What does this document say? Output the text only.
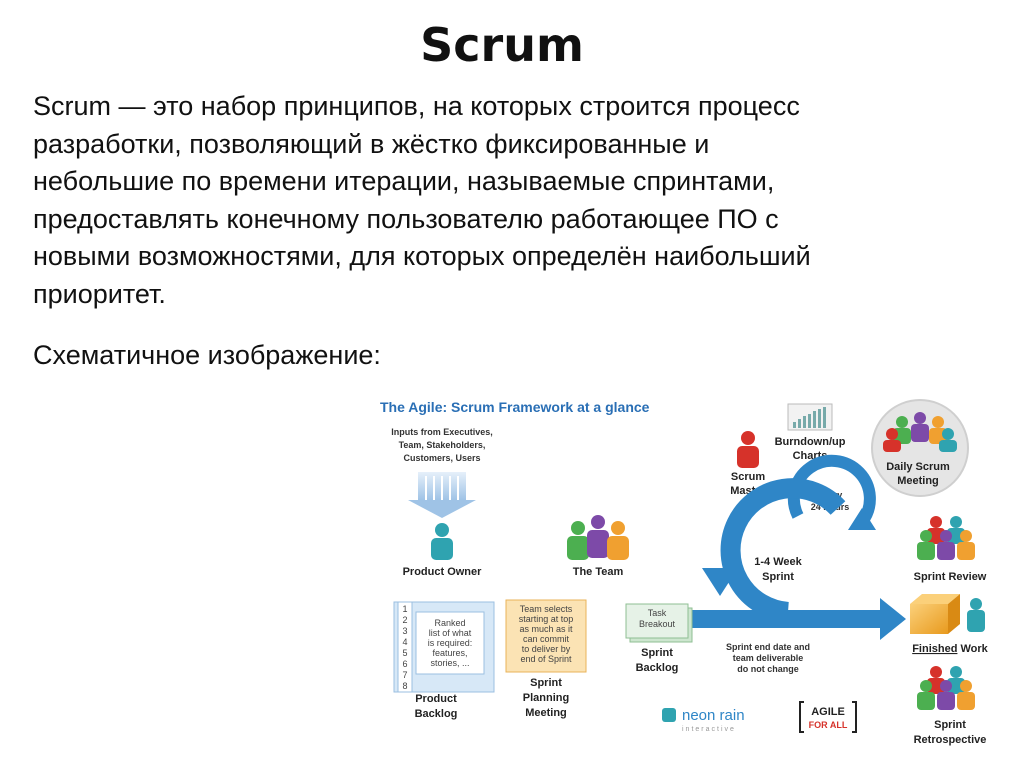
Scrum
Scrum — это набор принципов, на которых строится процесс
разработки, позволяющий в жёстко фиксированные и
небольшие по времени итерации, называемые спринтами,
предоставлять конечному пользователю работающее ПО с
новыми возможностями, для которых определён наибольший
приоритет.
Схематичное изображение:
The Agile: Scrum Framework at a glance
Inputs from Executives,
Team, Stakeholders,
Customers, Users
Product Owner	The Team
Scrum
Master
Burndown/up
Charts
Daily Scrum
Meeting
Every
24 Hours
1-4 Week
Sprint
1
2
3
4
5
6
7
8
Ranked
list of what
is required:
features,
stories, ...
Product
Backlog
Team selects
starting at top
as much as it
can commit
to deliver by
end of Sprint
Sprint
Planning
Meeting
Task
Breakout
Sprint
Backlog
Sprint end date and
team deliverable
do not change
Sprint Review
Finished Work
Sprint
Retrospective
neon rain
interactive
AGILE
FOR ALL
